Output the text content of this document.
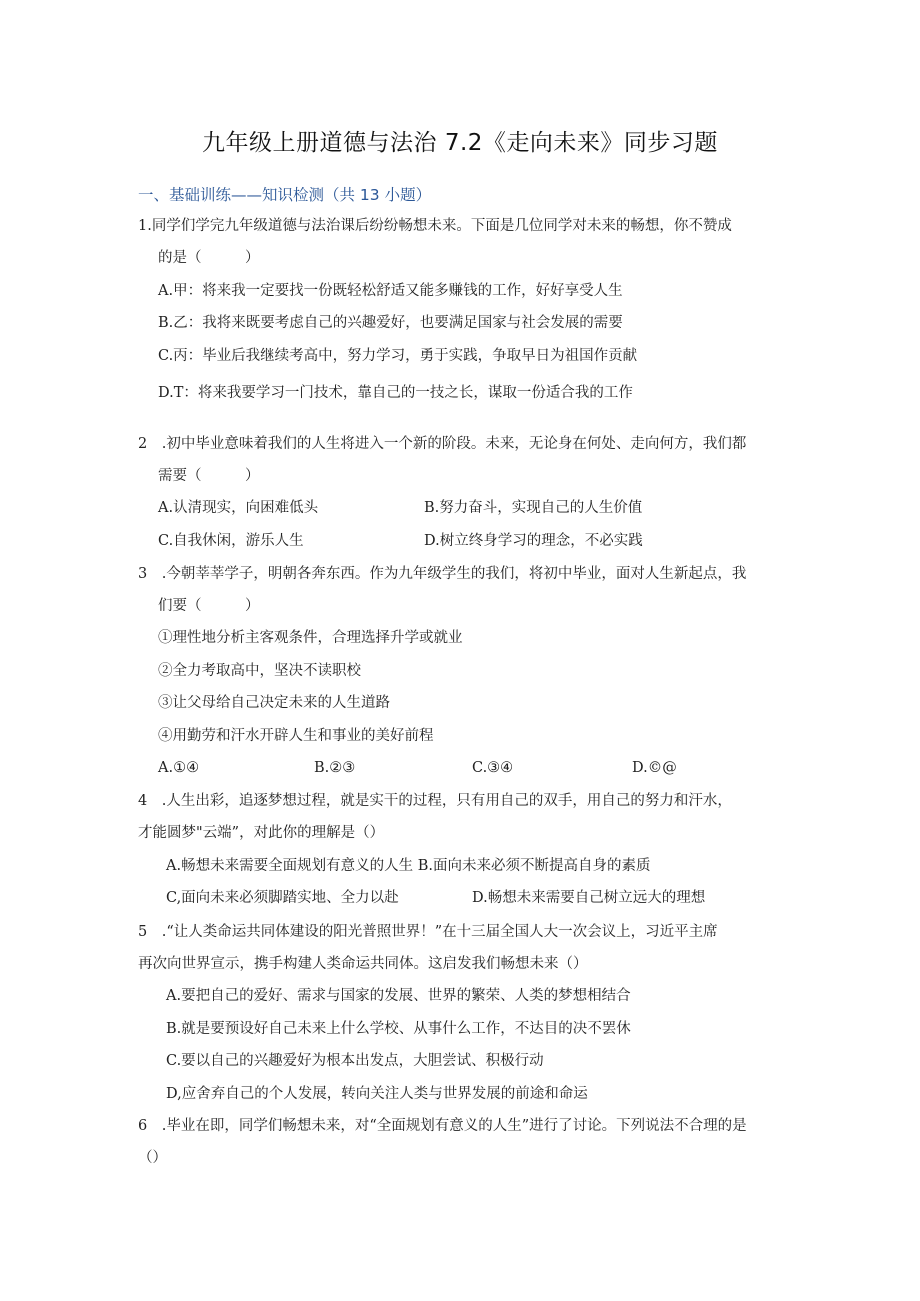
九年级上册道德与法治 7.2《走向未来》同步习题
一、基础训练——知识检测（共 13 小题）
1.同学们学完九年级道德与法治课后纷纷畅想未来。下面是几位同学对未来的畅想，你不赞成
的是（　　　）
A.甲：将来我一定要找一份既轻松舒适又能多赚钱的工作，好好享受人生
B.乙：我将来既要考虑自己的兴趣爱好，也要满足国家与社会发展的需要
C.丙：毕业后我继续考高中，努力学习，勇于实践，争取早日为祖国作贡献
D.T：将来我要学习一门技术，靠自己的一技之长，谋取一份适合我的工作
2　.初中毕业意味着我们的人生将进入一个新的阶段。未来，无论身在何处、走向何方，我们都
需要（　　　）
A.认清现实，向困难低头	B.努力奋斗，实现自己的人生价值
C.自我休闲，游乐人生	D.树立终身学习的理念，不必实践
3　.今朝莘莘学子，明朝各奔东西。作为九年级学生的我们，将初中毕业，面对人生新起点，我
们要（　　　）
①理性地分析主客观条件，合理选择升学或就业
②全力考取高中，坚决不读职校
③让父母给自己决定未来的人生道路
④用勤劳和汗水开辟人生和事业的美好前程
A.①④	B.②③	C.③④	D.©@
4　.人生出彩，追逐梦想过程，就是实干的过程，只有用自己的双手，用自己的努力和汗水，
才能圆梦"云端”，对此你的理解是（）
A.畅想未来需要全面规划有意义的人生 B.面向未来必须不断提高自身的素质
C,面向未来必须脚踏实地、全力以赴	D.畅想未来需要自己树立远大的理想
5　.“让人类命运共同体建设的阳光普照世界！”在十三届全国人大一次会议上，习近平主席
再次向世界宣示，携手构建人类命运共同体。这启发我们畅想未来（）
A.要把自己的爱好、需求与国家的发展、世界的繁荣、人类的梦想相结合
B.就是要预设好自己未来上什么学校、从事什么工作，不达目的决不罢休
C.要以自己的兴趣爱好为根本出发点，大胆尝试、积极行动
D,应舍弃自己的个人发展，转向关注人类与世界发展的前途和命运
6　.毕业在即，同学们畅想未来，对“全面规划有意义的人生”进行了讨论。下列说法不合理的是
（）
